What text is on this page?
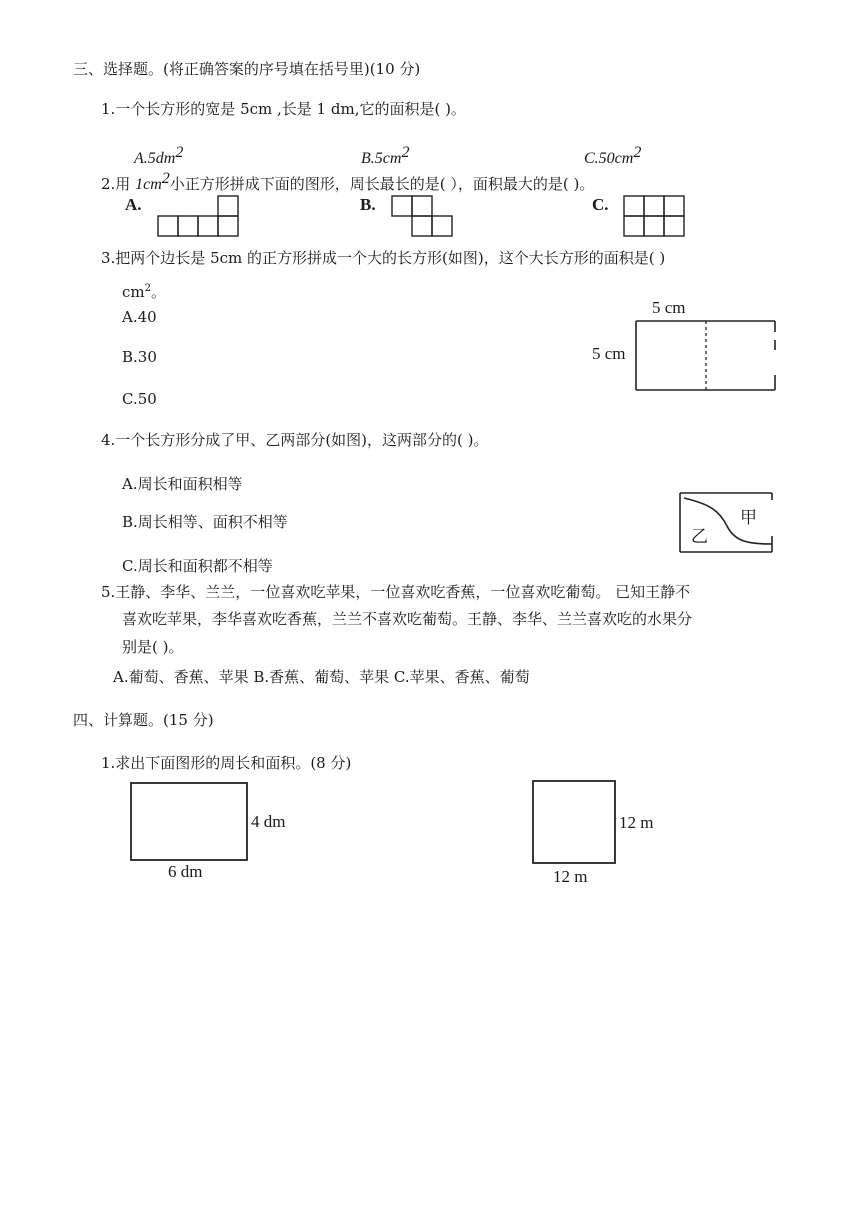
三、选择题。(将正确答案的序号填在括号里)(10 分)
1.一个长方形的宽是 5cm ,长是 1 dm,它的面积是( )。
$A.5dm^2$	$B.5cm^2$	$C.50cm^2$
2.用 $1cm^2$小正方形拼成下面的图形，周长最长的是( ），面积最大的是( )。
A.	B.	C.
3.把两个边长是 5cm 的正方形拼成一个大的长方形(如图)，这个大长方形的面积是( )
$cm^2$。
A.40
B.30
C.50
5 cm
5 cm
4.一个长方形分成了甲、乙两部分(如图)，这两部分的( )。
A.周长和面积相等
B.周长相等、面积不相等
C.周长和面积都不相等
乙
甲
5.王静、李华、兰兰，一位喜欢吃苹果，一位喜欢吃香蕉，一位喜欢吃葡萄。 已知王静不
喜欢吃苹果，李华喜欢吃香蕉，兰兰不喜欢吃葡萄。王静、李华、兰兰喜欢吃的水果分
别是( )。
A.葡萄、香蕉、苹果 B.香蕉、葡萄、苹果 C.苹果、香蕉、葡萄
四、计算题。(15 分)
1.求出下面图形的周长和面积。(8 分)
4 dm
6 dm
12 m
12 m
